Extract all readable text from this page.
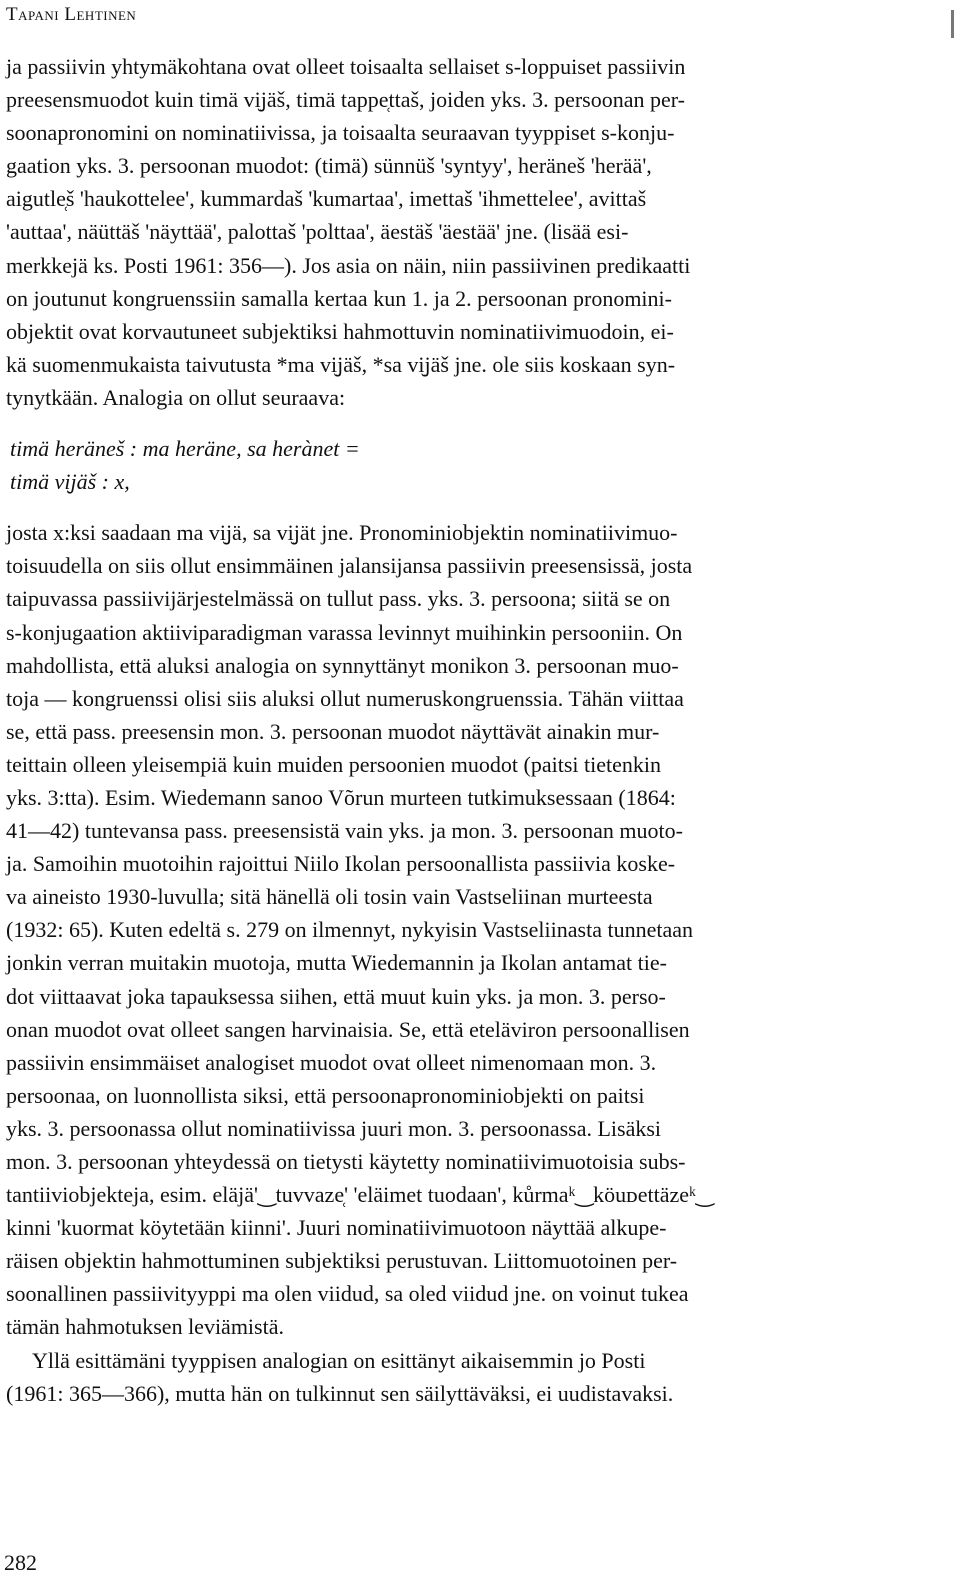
Tapani Lehtinen

ja passiivin yhtymäkohtana ovat olleet toisaalta sellaiset s-loppuiset passiivin
preesensmuodot kuin timä vi̮jäš, timä tappe̜ttaš, joiden yks. 3. persoonan per-
soonapronomini on nominatiivissa, ja toisaalta seuraavan tyyppiset s-konju-
gaation yks. 3. persoonan muodot: (timä) sünnüš 'syntyy', heräneš 'herää',
aigutle̜š 'haukottelee', kummardaš 'kumartaa', imettaš 'ihmettelee', avittaš
'auttaa', näüttäš 'näyttää', palottaš 'polttaa', äestäš 'äestää' jne. (lisää esi-
merkkejä ks. Posti 1961: 356—). Jos asia on näin, niin passiivinen predikaatti
on joutunut kongruenssiin samalla kertaa kun 1. ja 2. persoonan pronomini-
objektit ovat korvautuneet subjektiksi hahmottuvin nominatiivimuodoin, ei-
kä suomenmukaista taivutusta *ma vi̮jäš, *sa vi̮jäš jne. ole siis koskaan syn-
tynytkään. Analogia on ollut seuraava:

timä heräneš : ma heräne, sa herànet =
timä vi̮jäš : x,

josta x:ksi saadaan ma vi̮jä, sa vi̮jät jne. Pronominiobjektin nominatiivimuo-
toisuudella on siis ollut ensimmäinen jalansijansa passiivin preesensissä, josta
taipuvassa passiivijärjestelmässä on tullut pass. yks. 3. persoona; siitä se on
s-konjugaation aktiiviparadigman varassa levinnyt muihinkin persooniin. On
mahdollista, että aluksi analogia on synnyttänyt monikon 3. persoonan muo-
toja — kongruenssi olisi siis aluksi ollut numeruskongruenssia. Tähän viittaa
se, että pass. preesensin mon. 3. persoonan muodot näyttävät ainakin mur-
teittain olleen yleisempiä kuin muiden persoonien muodot (paitsi tietenkin
yks. 3:tta). Esim. Wiedemann sanoo Võrun murteen tutkimuksessaan (1864:
41—42) tuntevansa pass. preesensistä vain yks. ja mon. 3. persoonan muoto-
ja. Samoihin muotoihin rajoittui Niilo Ikolan persoonallista passiivia koske-
va aineisto 1930-luvulla; sitä hänellä oli tosin vain Vastseliinan murteesta
(1932: 65). Kuten edeltä s. 279 on ilmennyt, nykyisin Vastseliinasta tunnetaan
jonkin verran muitakin muotoja, mutta Wiedemannin ja Ikolan antamat tie-
dot viittaavat joka tapauksessa siihen, että muut kuin yks. ja mon. 3. perso-
onan muodot ovat olleet sangen harvinaisia. Se, että eteläviron persoonallisen
passiivin ensimmäiset analogiset muodot ovat olleet nimenomaan mon. 3.
persoonaa, on luonnollista siksi, että persoonapronominiobjekti on paitsi
yks. 3. persoonassa ollut nominatiivissa juuri mon. 3. persoonassa. Lisäksi
mon. 3. persoonan yhteydessä on tietysti käytetty nominatiivimuotoisia subs-
tantiiviobjekteja, esim. eläjä'‿tuvvaze̜' 'eläimet tuodaan', kůrmaᵏ‿köuᴅettäzeᵏ‿
kinni 'kuormat köytetään kiinni'. Juuri nominatiivimuotoon näyttää alkupe-
räisen objektin hahmottuminen subjektiksi perustuvan. Liittomuotoinen per-
soonallinen passiivityyppi ma olen viidud, sa oled viidud jne. on voinut tukea
tämän hahmotuksen leviämistä.

Yllä esittämäni tyyppisen analogian on esittänyt aikaisemmin jo Posti
(1961: 365—366), mutta hän on tulkinnut sen säilyttäväksi, ei uudistavaksi.

282
